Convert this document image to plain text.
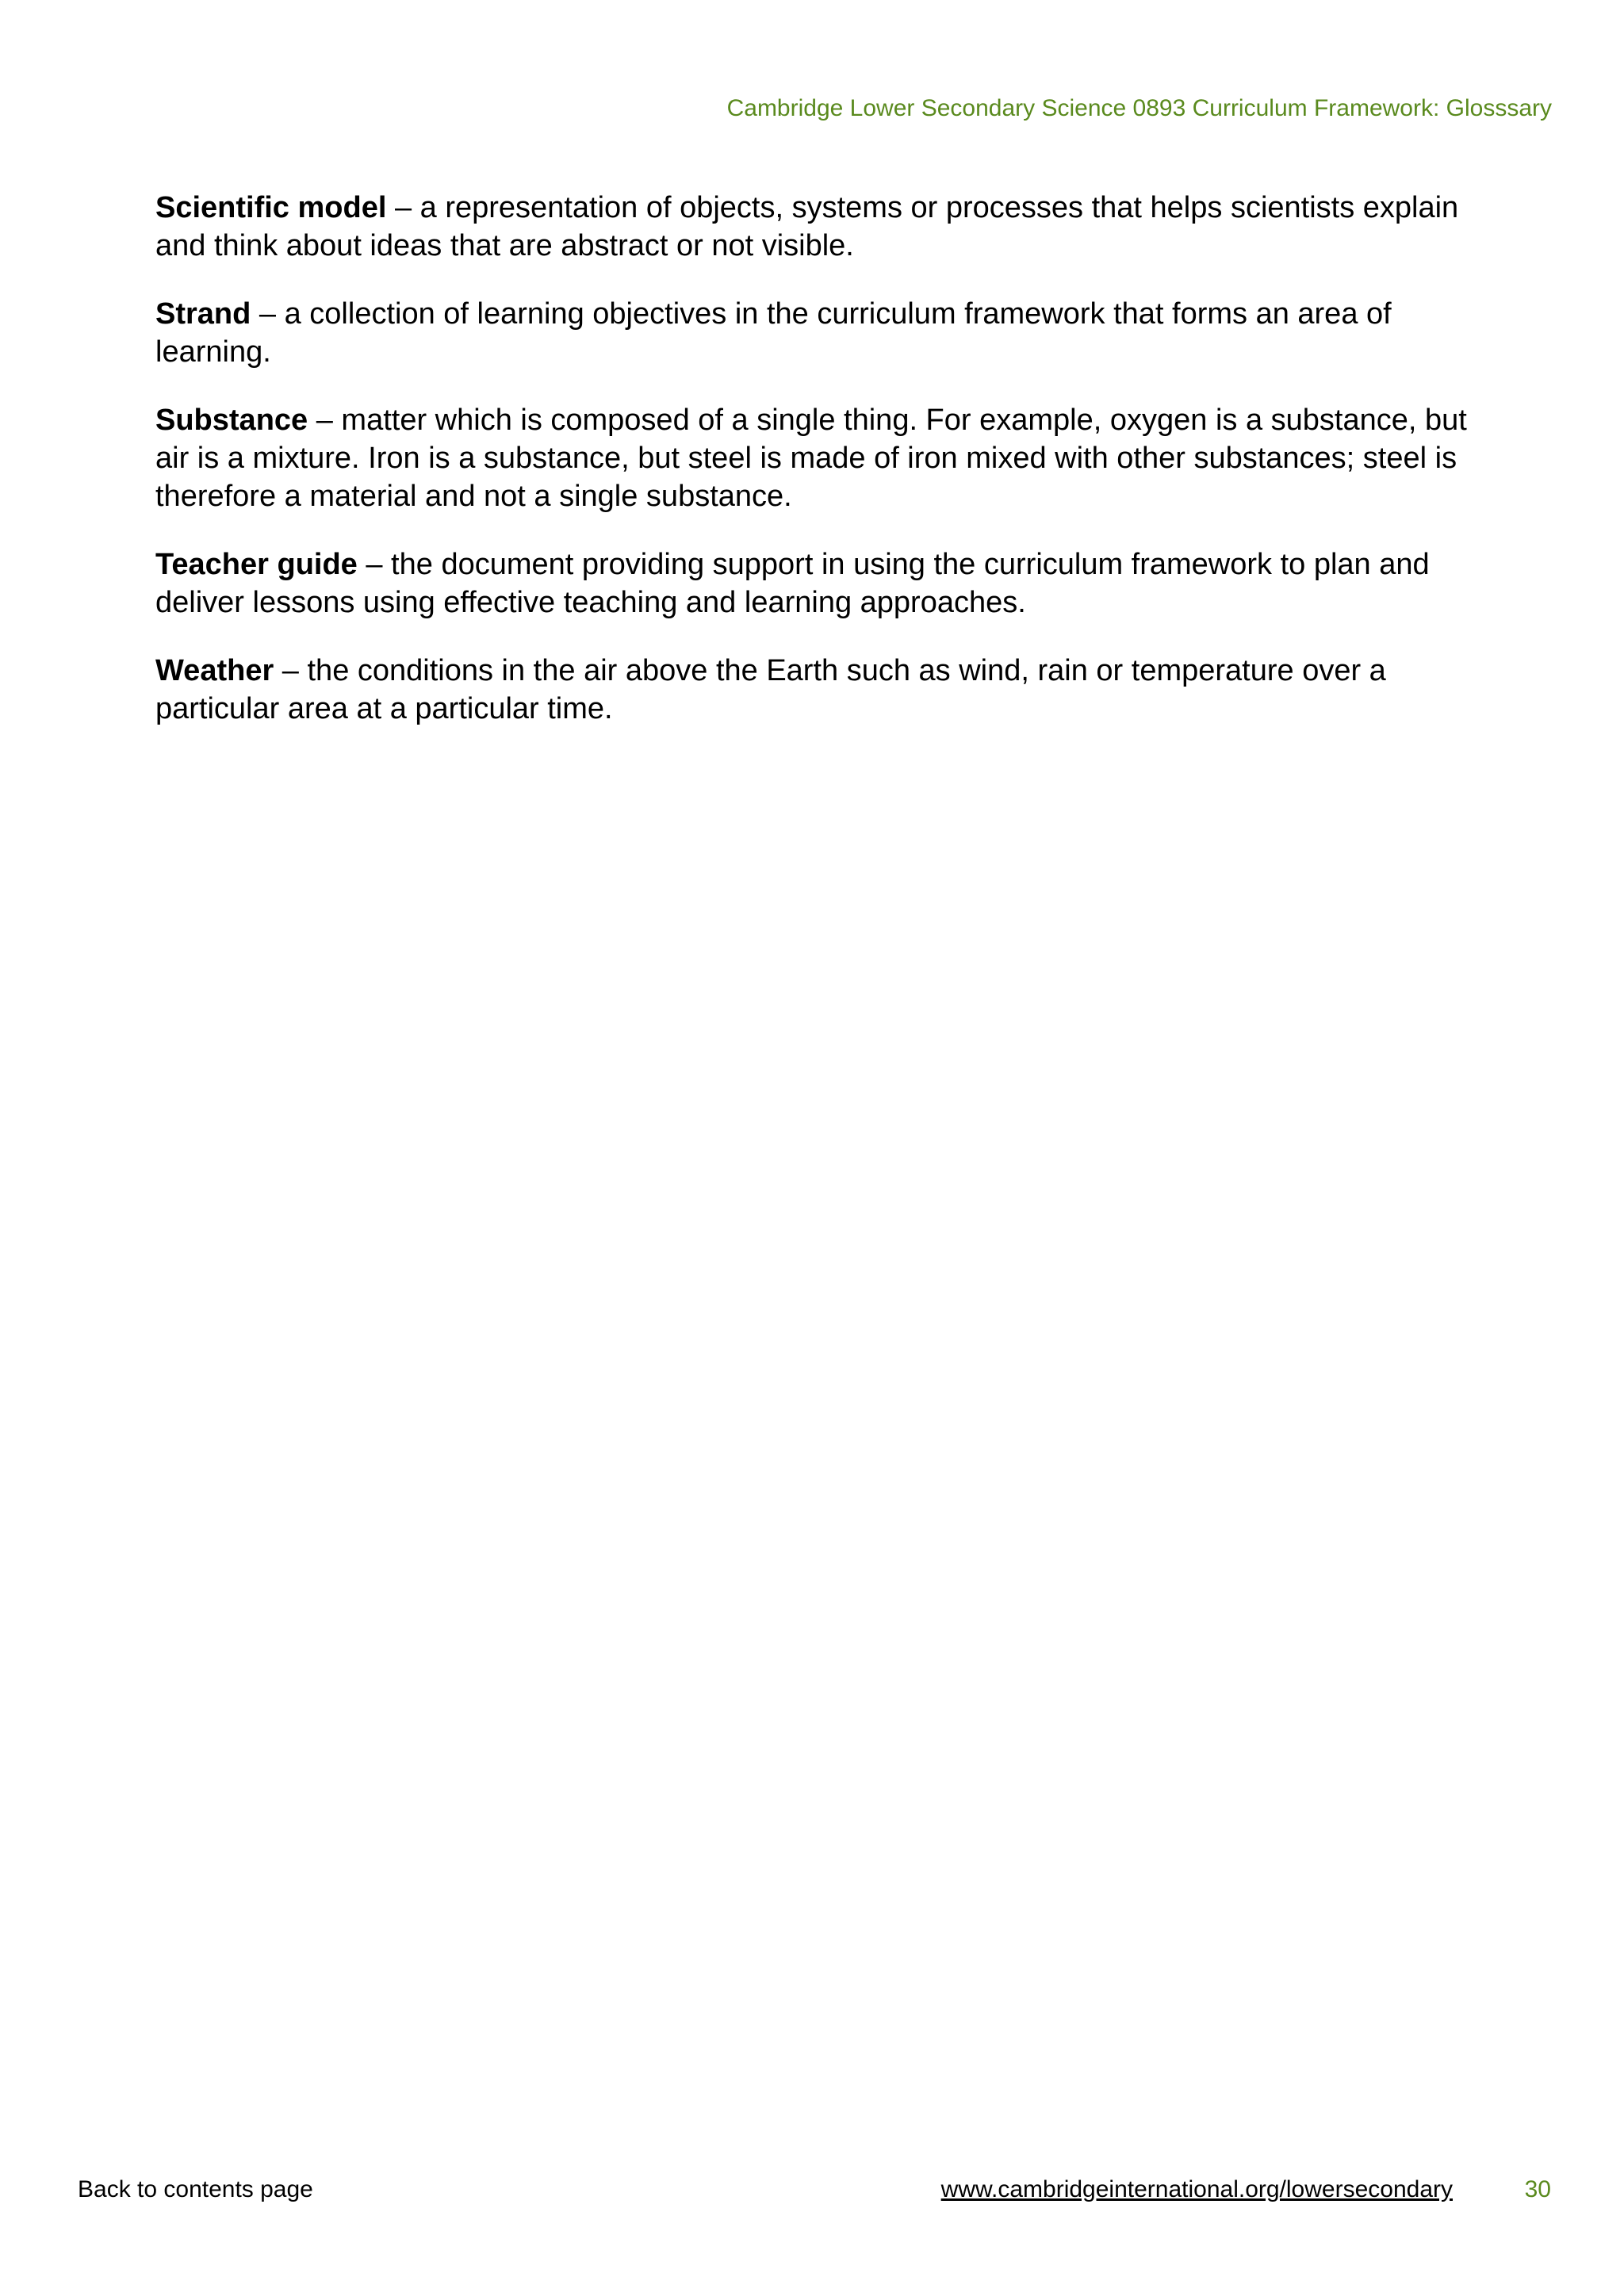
Cambridge Lower Secondary Science 0893 Curriculum Framework: Glosssary

Scientific model – a representation of objects, systems or processes that helps scientists explain and think about ideas that are abstract or not visible.

Strand – a collection of learning objectives in the curriculum framework that forms an area of learning.

Substance – matter which is composed of a single thing. For example, oxygen is a substance, but air is a mixture. Iron is a substance, but steel is made of iron mixed with other substances; steel is therefore a material and not a single substance.

Teacher guide – the document providing support in using the curriculum framework to plan and deliver lessons using effective teaching and learning approaches.

Weather – the conditions in the air above the Earth such as wind, rain or temperature over a particular area at a particular time.

Back to contents page	www.cambridgeinternational.org/lowersecondary	30
